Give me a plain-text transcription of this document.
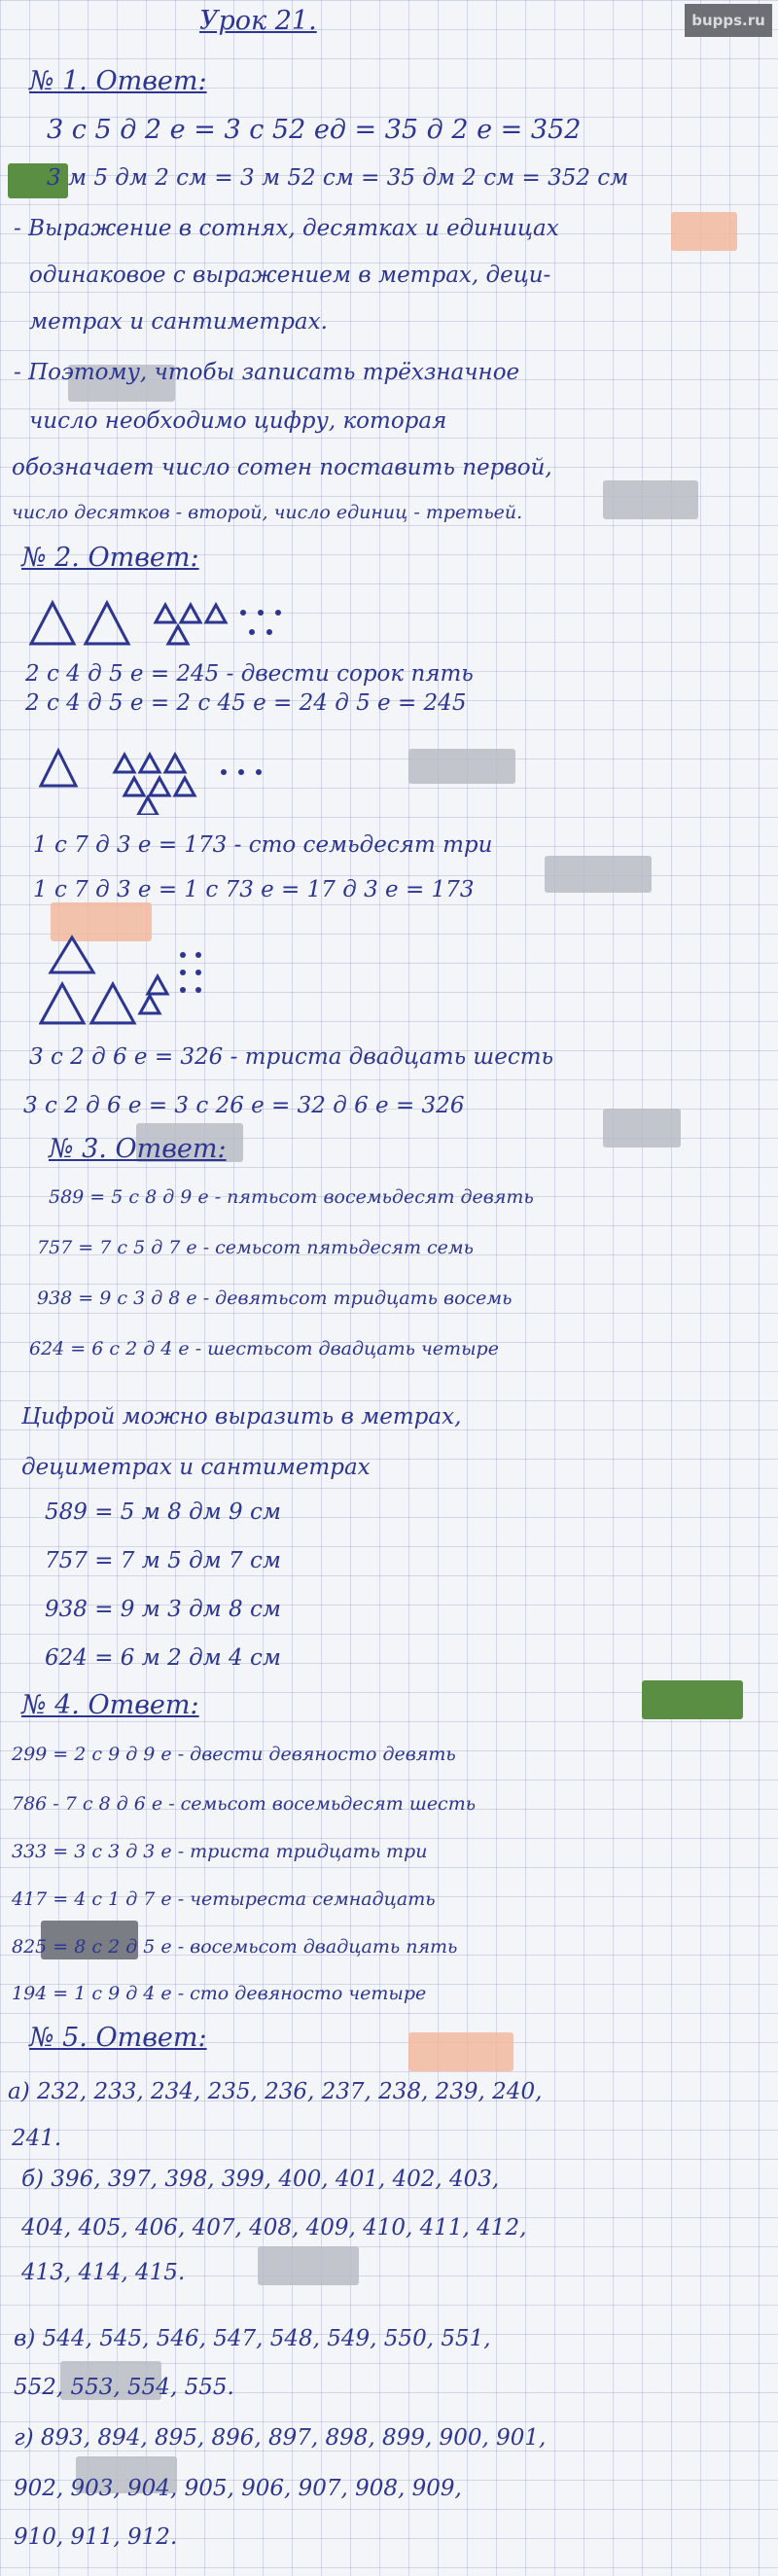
bupps.ru
Урок 21.
№ 1. Ответ:
3 с 5 д 2 е = 3 с 52 ед = 35 д 2 е = 352
3 м 5 дм 2 см = 3 м 52 см = 35 дм 2 см = 352 см
- Выражение в сотнях, десятках и единицах
одинаковое с выражением в метрах, деци-
метрах и сантиметрах.
- Поэтому, чтобы записать трёхзначное
число необходимо цифру, которая
обозначает число сотен поставить первой,
число десятков - второй, число единиц - третьей.
№ 2. Ответ:
2 с 4 д 5 е = 245 - двести сорок пять
2 с 4 д 5 е = 2 с 45 е = 24 д 5 е = 245
1 с 7 д 3 е = 173 - сто семьдесят три
1 с 7 д 3 е = 1 с 73 е = 17 д 3 е = 173
3 с 2 д 6 е = 326 - триста двадцать шесть
3 с 2 д 6 е = 3 с 26 е = 32 д 6 е = 326
№ 3. Ответ:
589 = 5 с 8 д 9 е - пятьсот восемьдесят девять
757 = 7 с 5 д 7 е - семьсот пятьдесят семь
938 = 9 с 3 д 8 е - девятьсот тридцать восемь
624 = 6 с 2 д 4 е - шестьсот двадцать четыре
Цифрой можно выразить в метрах,
дециметрах и сантиметрах
589 = 5 м 8 дм 9 см
757 = 7 м 5 дм 7 см
938 = 9 м 3 дм 8 см
624 = 6 м 2 дм 4 см
№ 4. Ответ:
299 = 2 с 9 д 9 е - двести девяносто девять
786 - 7 с 8 д 6 е - семьсот восемьдесят шесть
333 = 3 с 3 д 3 е - триста тридцать три
417 = 4 с 1 д 7 е - четыреста семнадцать
825 = 8 с 2 д 5 е - восемьсот двадцать пять
194 = 1 с 9 д 4 е - сто девяносто четыре
№ 5. Ответ:
а) 232, 233, 234, 235, 236, 237, 238, 239, 240,
241.
б) 396, 397, 398, 399, 400, 401, 402, 403,
404, 405, 406, 407, 408, 409, 410, 411, 412,
413, 414, 415.
в) 544, 545, 546, 547, 548, 549, 550, 551,
552, 553, 554, 555.
г) 893, 894, 895, 896, 897, 898, 899, 900, 901,
902, 903, 904, 905, 906, 907, 908, 909,
910, 911, 912.
